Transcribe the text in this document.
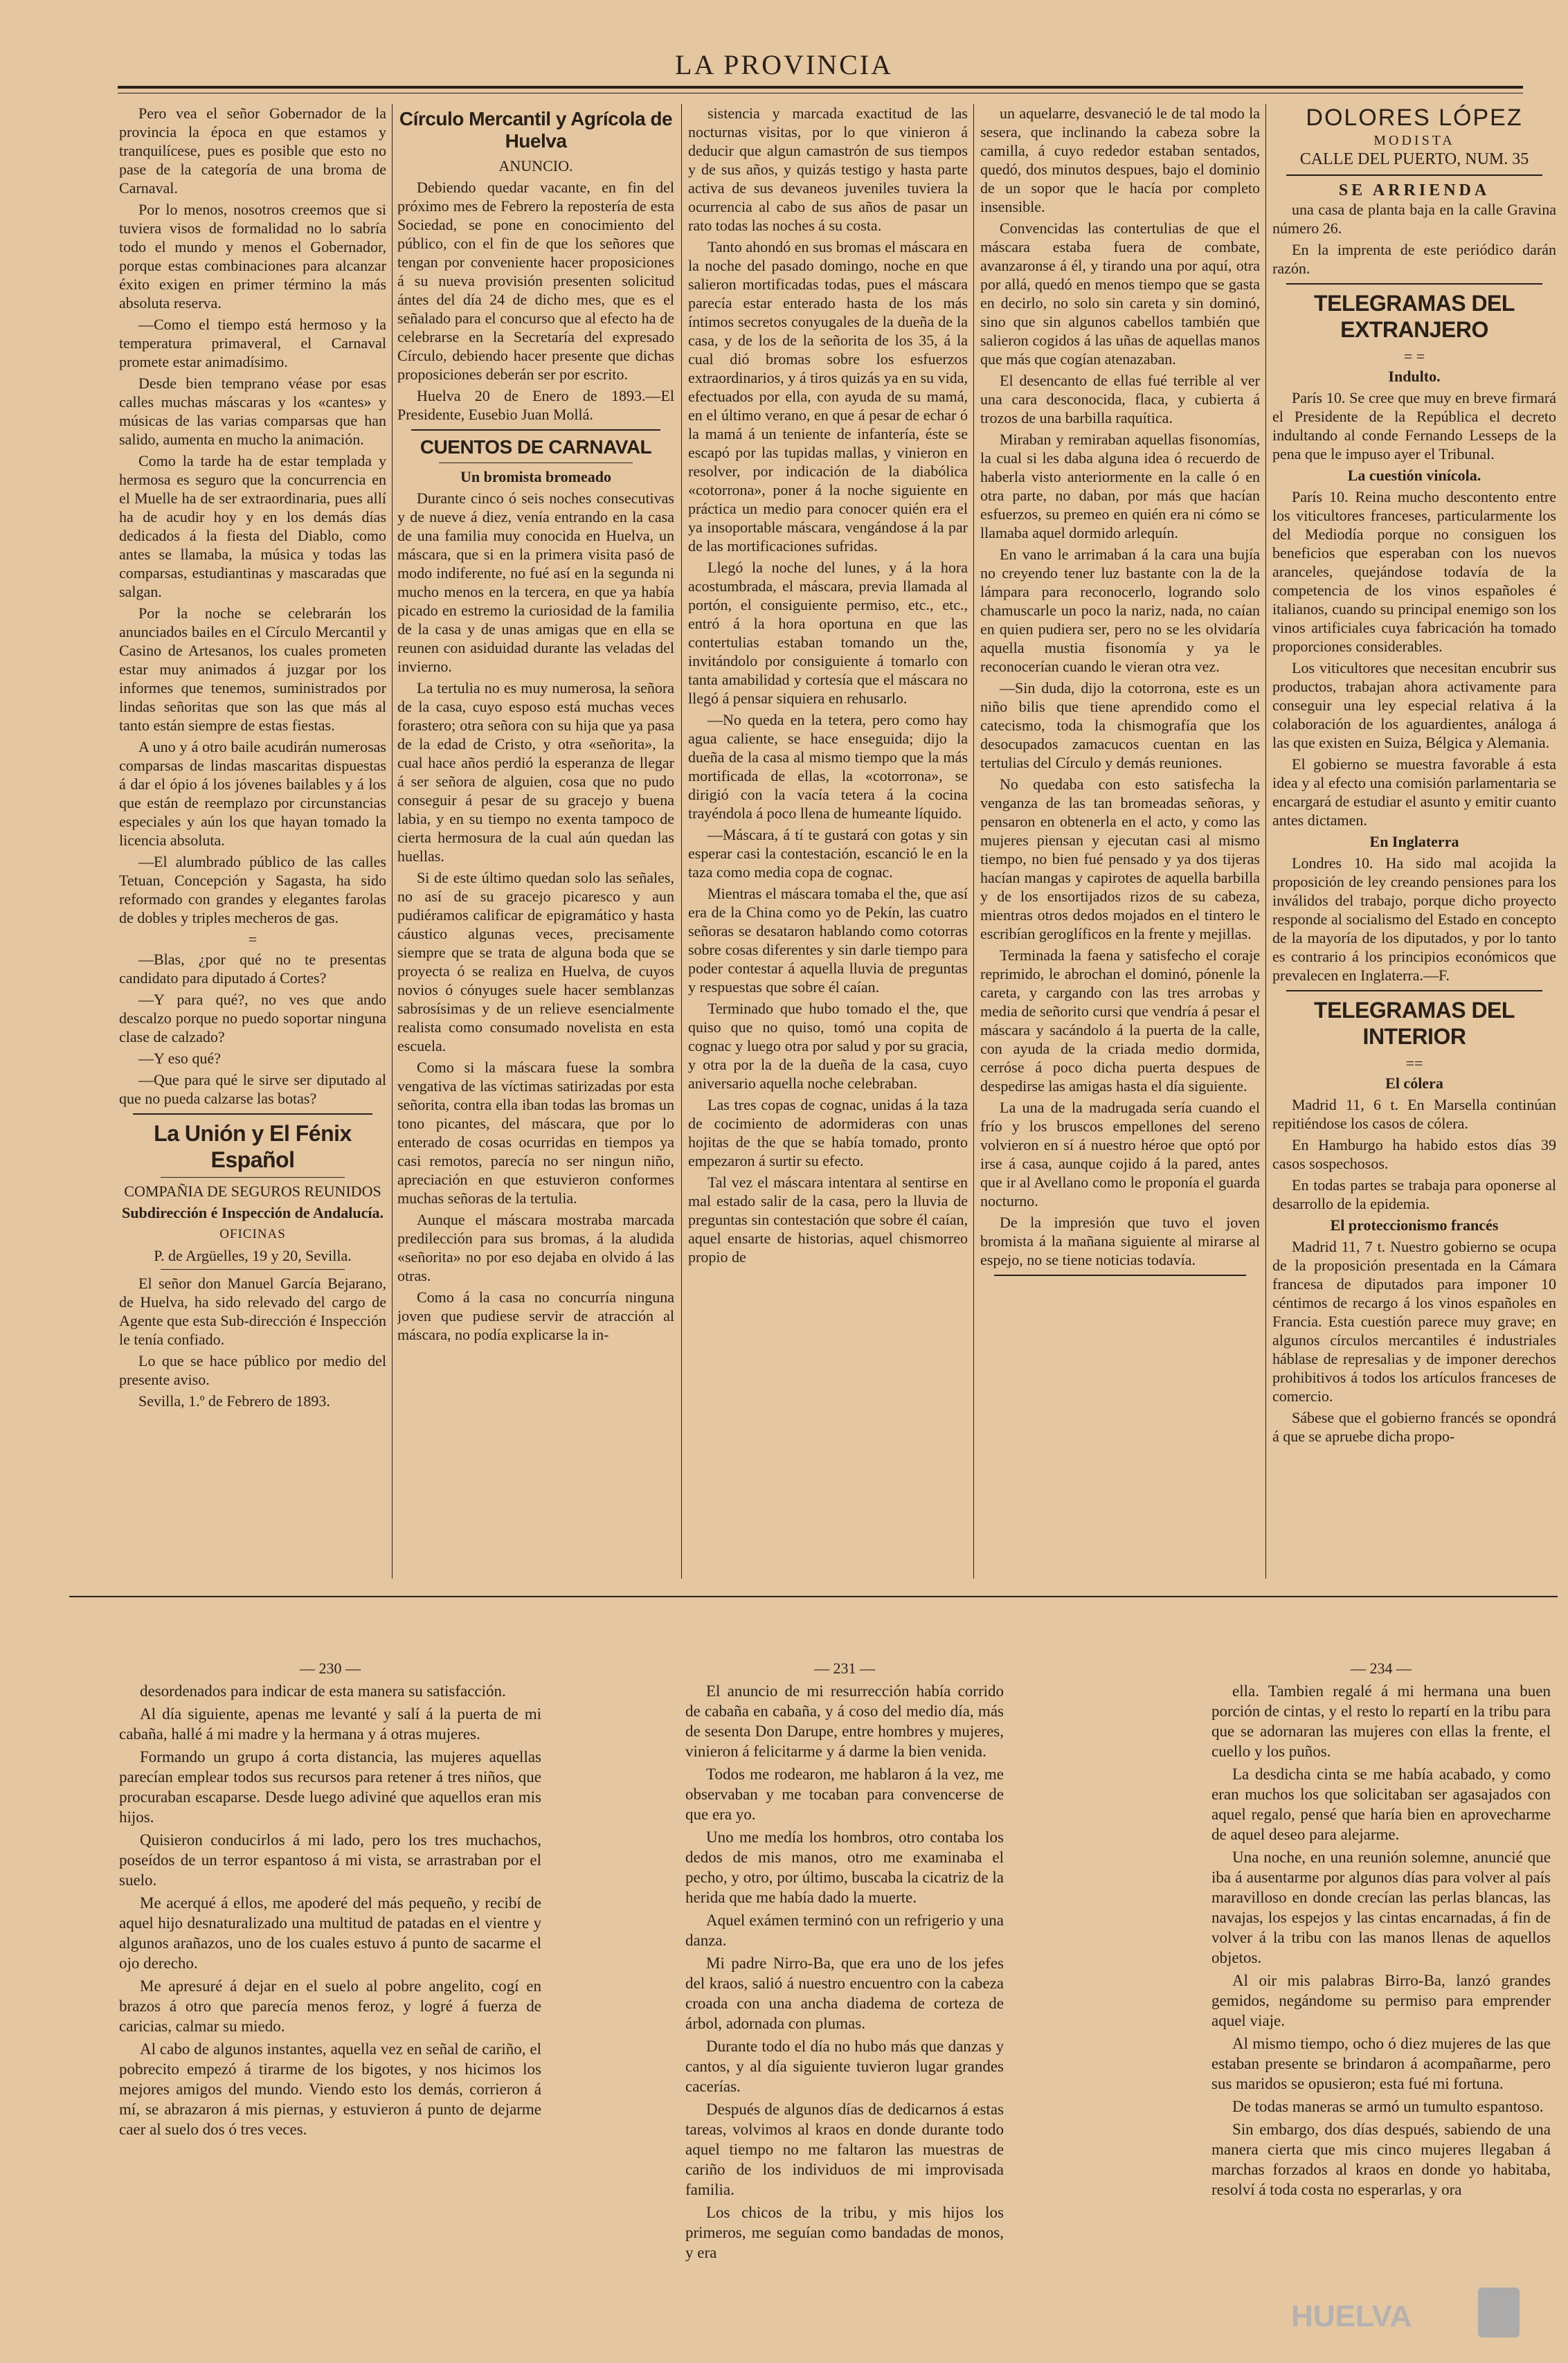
LA PROVINCIA

Pero vea el señor Gobernador de la provincia la época en que estamos y tranquilícese, pues es posible que esto no pase de la categoría de una broma de Carnaval.

Por lo menos, nosotros creemos que si tuviera visos de formalidad no lo sabría todo el mundo y menos el Gobernador, porque estas combinaciones para alcanzar éxito exigen en primer término la más absoluta reserva.

—Como el tiempo está hermoso y la temperatura primaveral, el Carnaval promete estar animadísimo.

Desde bien temprano véase por esas calles muchas máscaras y los «cantes» y músicas de las varias comparsas que han salido, aumenta en mucho la animación.

Como la tarde ha de estar templada y hermosa es seguro que la concurrencia en el Muelle ha de ser extraordinaria, pues allí ha de acudir hoy y en los demás días dedicados á la fiesta del Diablo, como antes se llamaba, la música y todas las comparsas, estudiantinas y mascaradas que salgan.

Por la noche se celebrarán los anunciados bailes en el Círculo Mercantil y Casino de Artesanos, los cuales prometen estar muy animados á juzgar por los informes que tenemos, suministrados por lindas señoritas que son las que más al tanto están siempre de estas fiestas.

A uno y á otro baile acudirán numerosas comparsas de lindas mascaritas dispuestas á dar el ópio á los jóvenes bailables y á los que están de reemplazo por circunstancias especiales y aún los que hayan tomado la licencia absoluta.

—El alumbrado público de las calles Tetuan, Concepción y Sagasta, ha sido reformado con grandes y elegantes farolas de dobles y triples mecheros de gas.

=

—Blas, ¿por qué no te presentas candidato para diputado á Cortes?

—Y para qué?, no ves que ando descalzo porque no puedo soportar ninguna clase de calzado?

—Y eso qué?

—Que para qué le sirve ser diputado al que no pueda calzarse las botas?

La Unión y El Fénix Español

COMPAÑIA DE SEGUROS REUNIDOS

Subdirección é Inspección de Andalucía.

OFICINAS

P. de Argüelles, 19 y 20, Sevilla.

El señor don Manuel García Bejarano, de Huelva, ha sido relevado del cargo de Agente que esta Sub-dirección é Inspección le tenía confiado.

Lo que se hace público por medio del presente aviso.

Sevilla, 1.º de Febrero de 1893.

Círculo Mercantil y Agrícola de Huelva

ANUNCIO.

Debiendo quedar vacante, en fin del próximo mes de Febrero la repostería de esta Sociedad, se pone en conocimiento del público, con el fin de que los señores que tengan por conveniente hacer proposiciones á su nueva provisión presenten solicitud ántes del día 24 de dicho mes, que es el señalado para el concurso que al efecto ha de celebrarse en la Secretaría del expresado Círculo, debiendo hacer presente que dichas proposiciones deberán ser por escrito.

Huelva 20 de Enero de 1893.—El Presidente, Eusebio Juan Mollá.

CUENTOS DE CARNAVAL

Un bromista bromeado

Durante cinco ó seis noches consecutivas y de nueve á diez, venía entrando en la casa de una familia muy conocida en Huelva, un máscara, que si en la primera visita pasó de modo indiferente, no fué así en la segunda ni mucho menos en la tercera, en que ya había picado en estremo la curiosidad de la familia de la casa y de unas amigas que en ella se reunen con asiduidad durante las veladas del invierno.

La tertulia no es muy numerosa, la señora de la casa, cuyo esposo está muchas veces forastero; otra señora con su hija que ya pasa de la edad de Cristo, y otra «señorita», la cual hace años perdió la esperanza de llegar á ser señora de alguien, cosa que no pudo conseguir á pesar de su gracejo y buena labia, y en su tiempo no exenta tampoco de cierta hermosura de la cual aún quedan las huellas.

Si de este último quedan solo las señales, no así de su gracejo picaresco y aun pudiéramos calificar de epigramático y hasta cáustico algunas veces, precisamente siempre que se trata de alguna boda que se proyecta ó se realiza en Huelva, de cuyos novios ó cónyuges suele hacer semblanzas sabrosísimas y de un relieve esencialmente realista como consumado novelista en esta escuela.

Como si la máscara fuese la sombra vengativa de las víctimas satirizadas por esta señorita, contra ella iban todas las bromas un tono picantes, del máscara, que por lo enterado de cosas ocurridas en tiempos ya casi remotos, parecía no ser ningun niño, apreciación en que estuvieron conformes muchas señoras de la tertulia.

Aunque el máscara mostraba marcada predilección para sus bromas, á la aludida «señorita» no por eso dejaba en olvido á las otras.

Como á la casa no concurría ninguna joven que pudiese servir de atracción al máscara, no podía explicarse la in-

sistencia y marcada exactitud de las nocturnas visitas, por lo que vinieron á deducir que algun camastrón de sus tiempos y de sus años, y quizás testigo y hasta parte activa de sus devaneos juveniles tuviera la ocurrencia al cabo de sus años de pasar un rato todas las noches á su costa.

Tanto ahondó en sus bromas el máscara en la noche del pasado domingo, noche en que salieron mortificadas todas, pues el máscara parecía estar enterado hasta de los más íntimos secretos conyugales de la dueña de la casa, y de los de la señorita de los 35, á la cual dió bromas sobre los esfuerzos extraordinarios, y á tiros quizás ya en su vida, efectuados por ella, con ayuda de su mamá, en el último verano, en que á pesar de echar ó la mamá á un teniente de infantería, éste se escapó por las tupidas mallas, y vinieron en resolver, por indicación de la diabólica «cotorrona», poner á la noche siguiente en práctica un medio para conocer quién era el ya insoportable máscara, vengándose á la par de las mortificaciones sufridas.

Llegó la noche del lunes, y á la hora acostumbrada, el máscara, previa llamada al portón, el consiguiente permiso, etc., etc., entró á la hora oportuna en que las contertulias estaban tomando un the, invitándolo por consiguiente á tomarlo con tanta amabilidad y cortesía que el máscara no llegó á pensar siquiera en rehusarlo.

—No queda en la tetera, pero como hay agua caliente, se hace enseguida; dijo la dueña de la casa al mismo tiempo que la más mortificada de ellas, la «cotorrona», se dirigió con la vacía tetera á la cocina trayéndola á poco llena de humeante líquido.

—Máscara, á tí te gustará con gotas y sin esperar casi la contestación, escanció le en la taza como media copa de cognac.

Mientras el máscara tomaba el the, que así era de la China como yo de Pekín, las cuatro señoras se desataron hablando como cotorras sobre cosas diferentes y sin darle tiempo para poder contestar á aquella lluvia de preguntas y respuestas que sobre él caían.

Terminado que hubo tomado el the, que quiso que no quiso, tomó una copita de cognac y luego otra por salud y por su gracia, y otra por la de la dueña de la casa, cuyo aniversario aquella noche celebraban.

Las tres copas de cognac, unidas á la taza de cocimiento de adormideras con unas hojitas de the que se había tomado, pronto empezaron á surtir su efecto.

Tal vez el máscara intentara al sentirse en mal estado salir de la casa, pero la lluvia de preguntas sin contestación que sobre él caían, aquel ensarte de historias, aquel chismorreo propio de

un aquelarre, desvaneció le de tal modo la sesera, que inclinando la cabeza sobre la camilla, á cuyo rededor estaban sentados, quedó, dos minutos despues, bajo el dominio de un sopor que le hacía por completo insensible.

Convencidas las contertulias de que el máscara estaba fuera de combate, avanzaronse á él, y tirando una por aquí, otra por allá, quedó en menos tiempo que se gasta en decirlo, no solo sin careta y sin dominó, sino que sin algunos cabellos también que salieron cogidos á las uñas de aquellas manos que más que cogían atenazaban.

El desencanto de ellas fué terrible al ver una cara desconocida, flaca, y cubierta á trozos de una barbilla raquítica.

Miraban y remiraban aquellas fisonomías, la cual si les daba alguna idea ó recuerdo de haberla visto anteriormente en la calle ó en otra parte, no daban, por más que hacían esfuerzos, su premeo en quién era ni cómo se llamaba aquel dormido arlequín.

En vano le arrimaban á la cara una bujía no creyendo tener luz bastante con la de la lámpara para reconocerlo, logrando solo chamuscarle un poco la nariz, nada, no caían en quien pudiera ser, pero no se les olvidaría aquella mustia fisonomía y ya le reconocerían cuando le vieran otra vez.

—Sin duda, dijo la cotorrona, este es un niño bilis que tiene aprendido como el catecismo, toda la chismografía que los desocupados zamacucos cuentan en las tertulias del Círculo y demás reuniones.

No quedaba con esto satisfecha la venganza de las tan bromeadas señoras, y pensaron en obtenerla en el acto, y como las mujeres piensan y ejecutan casi al mismo tiempo, no bien fué pensado y ya dos tijeras hacían mangas y capirotes de aquella barbilla y de los ensortijados rizos de su cabeza, mientras otros dedos mojados en el tintero le escribían geroglíficos en la frente y mejillas.

Terminada la faena y satisfecho el coraje reprimido, le abrochan el dominó, pónenle la careta, y cargando con las tres arrobas y media de señorito cursi que vendría á pesar el máscara y sacándolo á la puerta de la calle, con ayuda de la criada medio dormida, cerróse á poco dicha puerta despues de despedirse las amigas hasta el día siguiente.

La una de la madrugada sería cuando el frío y los bruscos empellones del sereno volvieron en sí á nuestro héroe que optó por irse á casa, aunque cojido á la pared, antes que ir al Avellano como le proponía el guarda nocturno.

De la impresión que tuvo el joven bromista á la mañana siguiente al mirarse al espejo, no se tiene noticias todavía.

DOLORES LÓPEZ
MODISTA
CALLE DEL PUERTO, NUM. 35
SE ARRIENDA

una casa de planta baja en la calle Gravina número 26.

En la imprenta de este periódico darán razón.

TELEGRAMAS DEL EXTRANJERO
= =

Indulto.

París 10. Se cree que muy en breve firmará el Presidente de la República el decreto indultando al conde Fernando Lesseps de la pena que le impuso ayer el Tribunal.

La cuestión vinícola.

París 10. Reina mucho descontento entre los viticultores franceses, particularmente los del Mediodía porque no consiguen los beneficios que esperaban con los nuevos aranceles, quejándose todavía de la competencia de los vinos españoles é italianos, cuando su principal enemigo son los vinos artificiales cuya fabricación ha tomado proporciones considerables.

Los viticultores que necesitan encubrir sus productos, trabajan ahora activamente para conseguir una ley especial relativa á la colaboración de los aguardientes, análoga á las que existen en Suiza, Bélgica y Alemania.

El gobierno se muestra favorable á esta idea y al efecto una comisión parlamentaria se encargará de estudiar el asunto y emitir cuanto antes dictamen.

En Inglaterra

Londres 10. Ha sido mal acojida la proposición de ley creando pensiones para los inválidos del trabajo, porque dicho proyecto responde al socialismo del Estado en concepto de la mayoría de los diputados, y por lo tanto es contrario á los principios económicos que prevalecen en Inglaterra.—F.

TELEGRAMAS DEL INTERIOR
==

El cólera

Madrid 11, 6 t. En Marsella continúan repitiéndose los casos de cólera.

En Hamburgo ha habido estos días 39 casos sospechosos.

En todas partes se trabaja para oponerse al desarrollo de la epidemia.

El proteccionismo francés

Madrid 11, 7 t. Nuestro gobierno se ocupa de la proposición presentada en la Cámara francesa de diputados para imponer 10 céntimos de recargo á los vinos españoles en Francia. Esta cuestión parece muy grave; en algunos círculos mercantiles é industriales háblase de represalias y de imponer derechos prohibitivos á todos los artículos franceses de comercio.

Sábese que el gobierno francés se opondrá á que se apruebe dicha propo-

— 230 —

desordenados para indicar de esta manera su satisfacción.

Al día siguiente, apenas me levanté y salí á la puerta de mi cabaña, hallé á mi madre y la hermana y á otras mujeres.

Formando un grupo á corta distancia, las mujeres aquellas parecían emplear todos sus recursos para retener á tres niños, que procuraban escaparse. Desde luego adiviné que aquellos eran mis hijos.

Quisieron conducirlos á mi lado, pero los tres muchachos, poseídos de un terror espantoso á mi vista, se arrastraban por el suelo.

Me acerqué á ellos, me apoderé del más pequeño, y recibí de aquel hijo desnaturalizado una multitud de patadas en el vientre y algunos arañazos, uno de los cuales estuvo á punto de sacarme el ojo derecho.

Me apresuré á dejar en el suelo al pobre angelito, cogí en brazos á otro que parecía menos feroz, y logré á fuerza de caricias, calmar su miedo.

Al cabo de algunos instantes, aquella vez en señal de cariño, el pobrecito empezó á tirarme de los bigotes, y nos hicimos los mejores amigos del mundo. Viendo esto los demás, corrieron á mí, se abrazaron á mis piernas, y estuvieron á punto de dejarme caer al suelo dos ó tres veces.

— 231 —

El anuncio de mi resurrección había corrido de cabaña en cabaña, y á coso del medio día, más de sesenta Don Darupe, entre hombres y mujeres, vinieron á felicitarme y á darme la bien venida.

Todos me rodearon, me hablaron á la vez, me observaban y me tocaban para convencerse de que era yo.

Uno me medía los hombros, otro contaba los dedos de mis manos, otro me examinaba el pecho, y otro, por último, buscaba la cicatriz de la herida que me había dado la muerte.

Aquel exámen terminó con un refrigerio y una danza.

Mi padre Nirro-Ba, que era uno de los jefes del kraos, salió á nuestro encuentro con la cabeza croada con una ancha diadema de corteza de árbol, adornada con plumas.

Durante todo el día no hubo más que danzas y cantos, y al día siguiente tuvieron lugar grandes cacerías.

Después de algunos días de dedicarnos á estas tareas, volvimos al kraos en donde durante todo aquel tiempo no me faltaron las muestras de cariño de los individuos de mi improvisada familia.

Los chicos de la tribu, y mis hijos los primeros, me seguían como bandadas de monos, y era

— 234 —

ella. Tambien regalé á mi hermana una buen porción de cintas, y el resto lo repartí en la tribu para que se adornaran las mujeres con ellas la frente, el cuello y los puños.

La desdicha cinta se me había acabado, y como eran muchos los que solicitaban ser agasajados con aquel regalo, pensé que haría bien en aprovecharme de aquel deseo para alejarme.

Una noche, en una reunión solemne, anuncié que iba á ausentarme por algunos días para volver al país maravilloso en donde crecían las perlas blancas, las navajas, los espejos y las cintas encarnadas, á fin de volver á la tribu con las manos llenas de aquellos objetos.

Al oir mis palabras Birro-Ba, lanzó grandes gemidos, negándome su permiso para emprender aquel viaje.

Al mismo tiempo, ocho ó diez mujeres de las que estaban presente se brindaron á acompañarme, pero sus maridos se opusieron; esta fué mi fortuna.

De todas maneras se armó un tumulto espantoso.

Sin embargo, dos días después, sabiendo de una manera cierta que mis cinco mujeres llegaban á marchas forzados al kraos en donde yo habitaba, resolví á toda costa no esperarlas, y ora

HUELVA
